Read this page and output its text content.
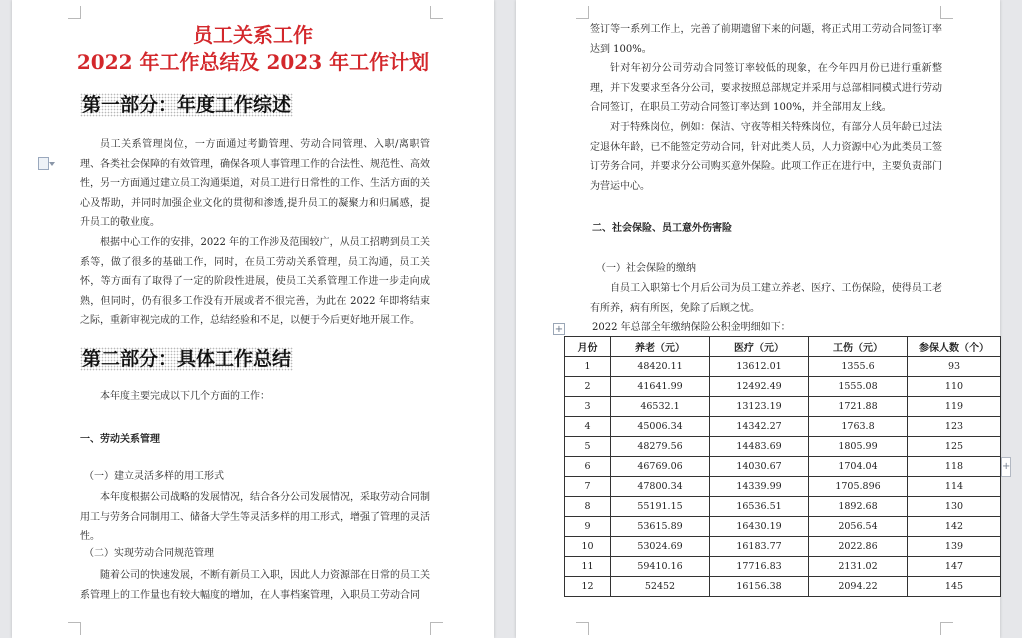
员工关系工作
2022 年工作总结及 2023 年工作计划
第一部分：年度工作综述

员工关系管理岗位，一方面通过考勤管理、劳动合同管理、入职/离职管理、各类社会保障的有效管理，确保各项人事管理工作的合法性、规范性、高效性，另一方面通过建立员工沟通渠道，对员工进行日常性的工作、生活方面的关心及帮助，并同时加强企业文化的贯彻和渗透,提升员工的凝聚力和归属感，提升员工的敬业度。

根据中心工作的安排，2022 年的工作涉及范围较广，从员工招聘到员工关系等，做了很多的基础工作，同时，在员工劳动关系管理，员工沟通，员工关怀，等方面有了取得了一定的阶段性进展，使员工关系管理工作进一步走向成熟，但同时，仍有很多工作没有开展或者不很完善，为此在 2022 年即将结束之际，重新审视完成的工作，总结经验和不足，以便于今后更好地开展工作。

第二部分：具体工作总结
本年度主要完成以下几个方面的工作：
一、劳动关系管理
（一）建立灵活多样的用工形式

本年度根据公司战略的发展情况，结合各分公司发展情况，采取劳动合同制用工与劳务合同制用工、储备大学生等灵活多样的用工形式，增强了管理的灵活性。

（二）实现劳动合同规范管理

随着公司的快速发展，不断有新员工入职，因此人力资源部在日常的员工关系管理上的工作量也有较大幅度的增加，在人事档案管理，入职员工劳动合同

签订等一系列工作上，完善了前期遗留下来的问题，将正式用工劳动合同签订率达到 100%。

针对年初分公司劳动合同签订率较低的现象，在今年四月份已进行重新整理，并下发要求至各分公司，要求按照总部规定并采用与总部相同模式进行劳动合同签订，在职员工劳动合同签订率达到 100%，并全部用友上线。

对于特殊岗位，例如：保洁、守夜等相关特殊岗位，有部分人员年龄已过法定退休年龄，已不能签定劳动合同，针对此类人员，人力资源中心为此类员工签订劳务合同，并要求分公司购买意外保险。此项工作正在进行中，主要负责部门为营运中心。

二、社会保险、员工意外伤害险
（一）社会保险的缴纳

自员工入职第七个月后公司为员工建立养老、医疗、工伤保险，使得员工老有所养，病有所医，免除了后顾之忧。

2022 年总部全年缴纳保险公积金明细如下：
+
月份	养老（元）	医疗（元）	工伤（元）	参保人数（个）
1	48420.11	13612.01	1355.6	93
2	41641.99	12492.49	1555.08	110
3	46532.1	13123.19	1721.88	119
4	45006.34	14342.27	1763.8	123
5	48279.56	14483.69	1805.99	125
6	46769.06	14030.67	1704.04	118
7	47800.34	14339.99	1705.896	114
8	55191.15	16536.51	1892.68	130
9	53615.89	16430.19	2056.54	142
10	53024.69	16183.77	2022.86	139
11	59410.16	17716.83	2131.02	147
12	52452	16156.38	2094.22	145
+
